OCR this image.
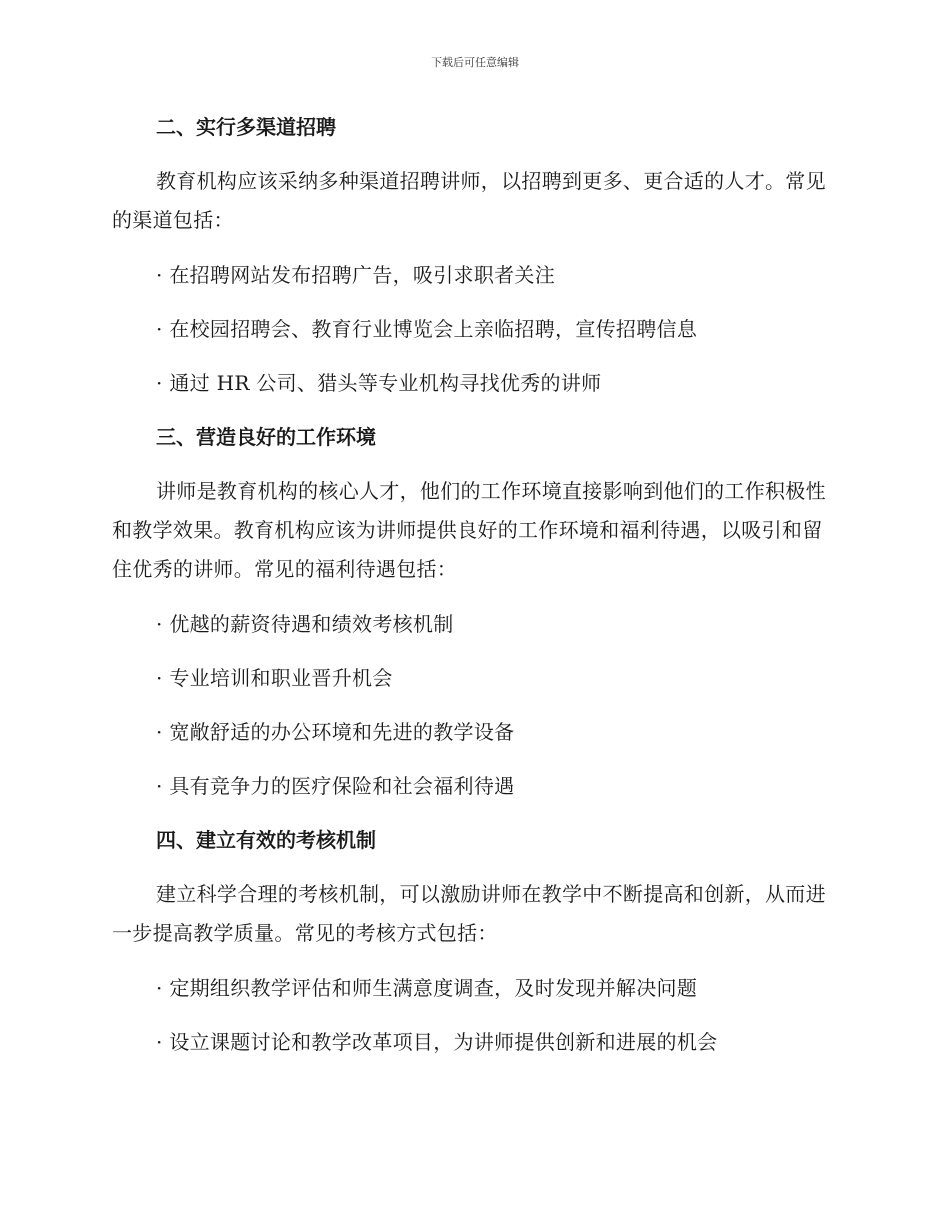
下载后可任意编辑
二、实行多渠道招聘

教育机构应该采纳多种渠道招聘讲师，以招聘到更多、更合适的人才。常见的渠道包括：

· 在招聘网站发布招聘广告，吸引求职者关注
· 在校园招聘会、教育行业博览会上亲临招聘，宣传招聘信息
· 通过 HR 公司、猎头等专业机构寻找优秀的讲师
三、营造良好的工作环境

讲师是教育机构的核心人才，他们的工作环境直接影响到他们的工作积极性和教学效果。教育机构应该为讲师提供良好的工作环境和福利待遇，以吸引和留住优秀的讲师。常见的福利待遇包括：

· 优越的薪资待遇和绩效考核机制
· 专业培训和职业晋升机会
· 宽敞舒适的办公环境和先进的教学设备
· 具有竞争力的医疗保险和社会福利待遇
四、建立有效的考核机制

建立科学合理的考核机制，可以激励讲师在教学中不断提高和创新，从而进一步提高教学质量。常见的考核方式包括：

· 定期组织教学评估和师生满意度调查，及时发现并解决问题
· 设立课题讨论和教学改革项目，为讲师提供创新和进展的机会
